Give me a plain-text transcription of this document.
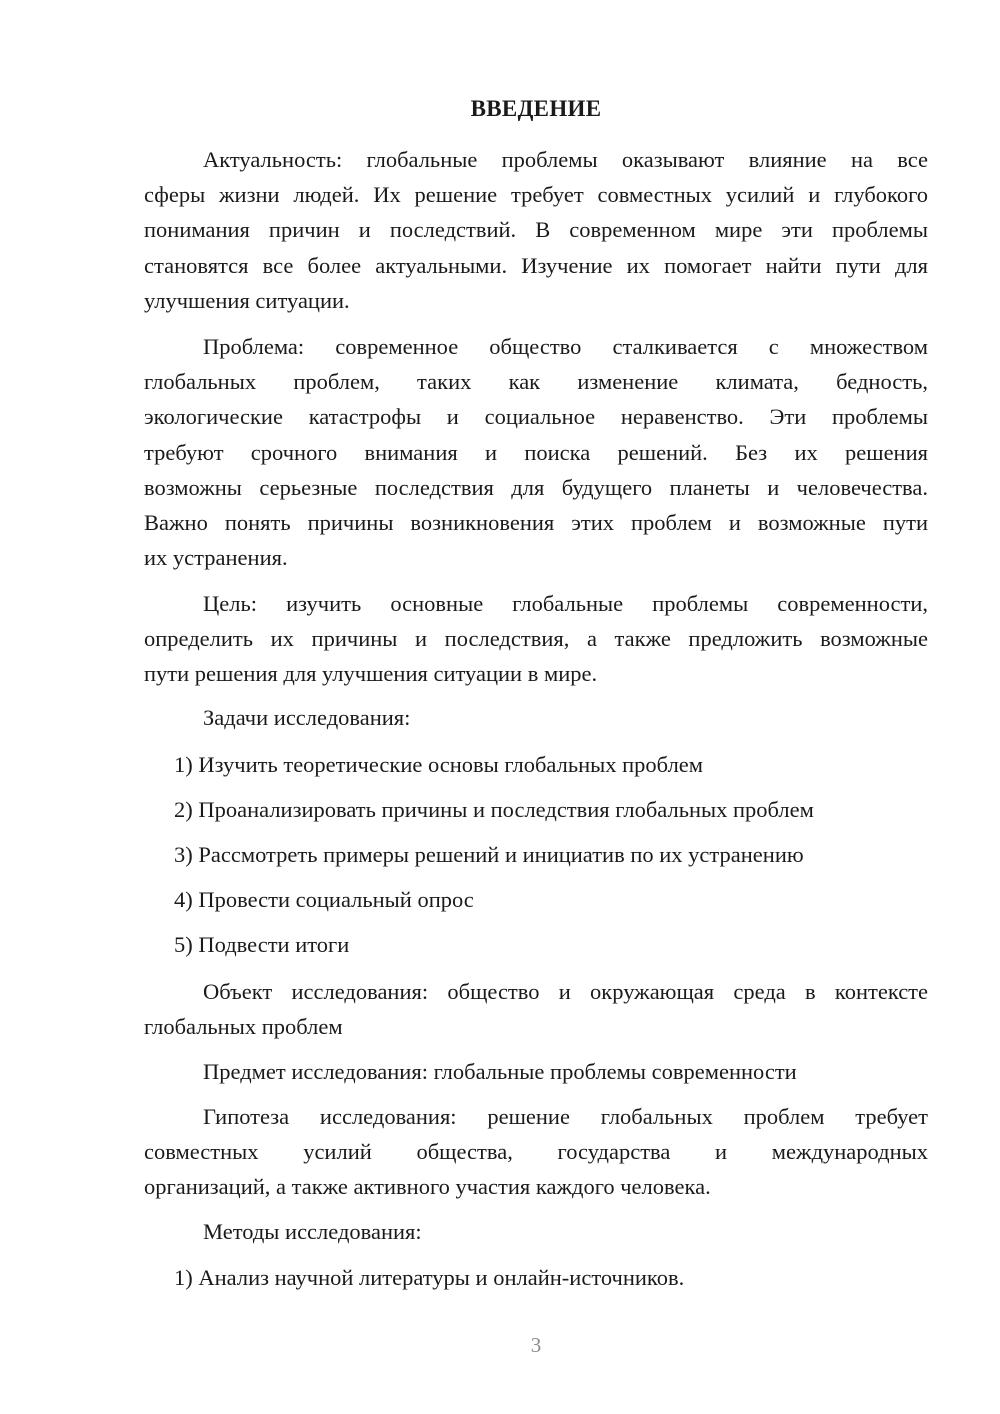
ВВЕДЕНИЕ
Актуальность: глобальные проблемы оказывают влияние на все
сферы жизни людей. Их решение требует совместных усилий и глубокого
понимания причин и последствий. В современном мире эти проблемы
становятся все более актуальными. Изучение их помогает найти пути для
улучшения ситуации.
Проблема: современное общество сталкивается с множеством
глобальных проблем, таких как изменение климата, бедность,
экологические катастрофы и социальное неравенство. Эти проблемы
требуют срочного внимания и поиска решений. Без их решения
возможны серьезные последствия для будущего планеты и человечества.
Важно понять причины возникновения этих проблем и возможные пути
их устранения.
Цель: изучить основные глобальные проблемы современности,
определить их причины и последствия, а также предложить возможные
пути решения для улучшения ситуации в мире.
Задачи исследования:
1) Изучить теоретические основы глобальных проблем
2) Проанализировать причины и последствия глобальных проблем
3) Рассмотреть примеры решений и инициатив по их устранению
4) Провести социальный опрос
5) Подвести итоги
Объект исследования: общество и окружающая среда в контексте
глобальных проблем
Предмет исследования: глобальные проблемы современности
Гипотеза исследования: решение глобальных проблем требует
совместных усилий общества, государства и международных
организаций, а также активного участия каждого человека.
Методы исследования:
1) Анализ научной литературы и онлайн-источников.
3
